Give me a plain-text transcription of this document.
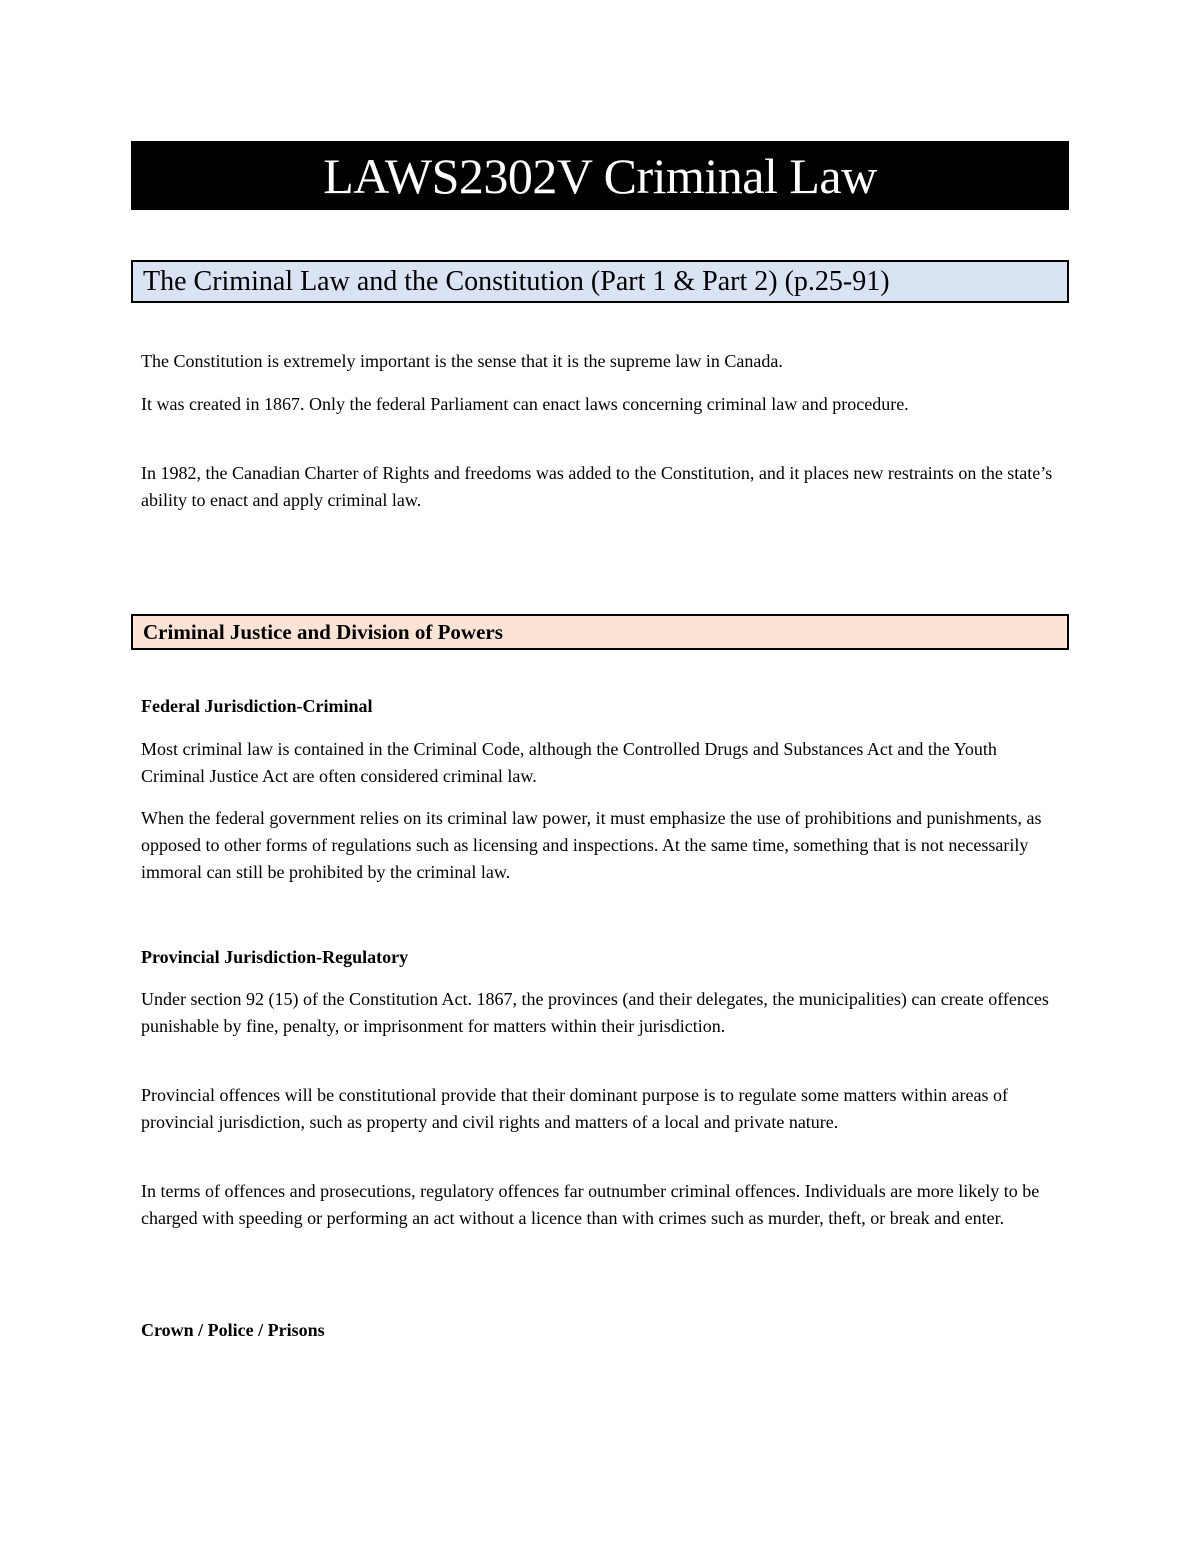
LAWS2302V Criminal Law
The Criminal Law and the Constitution (Part 1 & Part 2) (p.25-91)

The Constitution is extremely important is the sense that it is the supreme law in Canada.

It was created in 1867. Only the federal Parliament can enact laws concerning criminal law and procedure.

In 1982, the Canadian Charter of Rights and freedoms was added to the Constitution, and it places new restraints on the state’s ability to enact and apply criminal law.

Criminal Justice and Division of Powers

Federal Jurisdiction-Criminal

Most criminal law is contained in the Criminal Code, although the Controlled Drugs and Substances Act and the Youth Criminal Justice Act are often considered criminal law.

When the federal government relies on its criminal law power, it must emphasize the use of prohibitions and punishments, as opposed to other forms of regulations such as licensing and inspections. At the same time, something that is not necessarily immoral can still be prohibited by the criminal law.

Provincial Jurisdiction-Regulatory

Under section 92 (15) of the Constitution Act. 1867, the provinces (and their delegates, the municipalities) can create offences punishable by fine, penalty, or imprisonment for matters within their jurisdiction.

Provincial offences will be constitutional provide that their dominant purpose is to regulate some matters within areas of provincial jurisdiction, such as property and civil rights and matters of a local and private nature.

In terms of offences and prosecutions, regulatory offences far outnumber criminal offences. Individuals are more likely to be charged with speeding or performing an act without a licence than with crimes such as murder, theft, or break and enter.

Crown / Police / Prisons
